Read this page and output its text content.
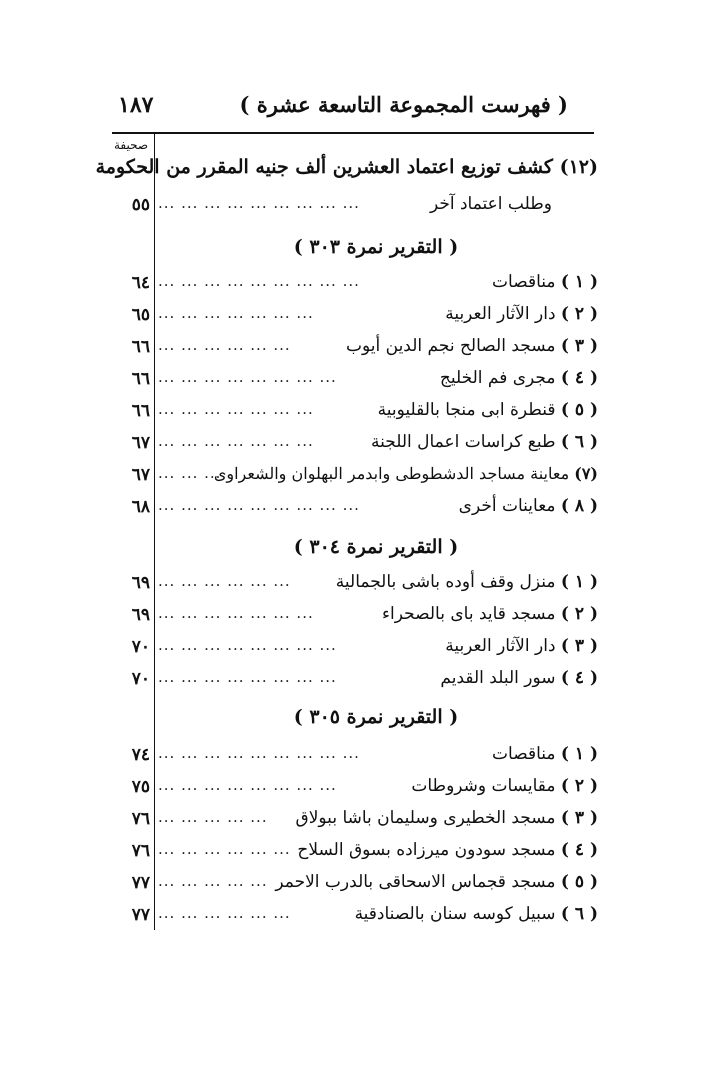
١٨٧	( فهرست المجموعة التاسعة عشرة )
صحيفة
(١٢) كشف توزيع اعتماد العشرين ألف جنيه المقرر من الحكومة
٥٥ ... ... ... ... ... ... ... ... ...	وطلب اعتماد آخر
( التقرير نمرة ٣٠٣ )
٦٤ ... ... ... ... ... ... ... ... ...	( ١ ) مناقصات
٦٥ ... ... ... ... ... ... ...	( ٢ ) دار الآثار العربية
٦٦ ... ... ... ... ... ...	( ٣ ) مسجد الصالح نجم الدين أيوب
٦٦ ... ... ... ... ... ... ... ...	( ٤ ) مجرى فم الخليج
٦٦ ... ... ... ... ... ... ...	( ٥ ) قنطرة ابى منجا بالقليوبية
٦٧ ... ... ... ... ... ... ...	( ٦ ) طبع كراسات اعمال اللجنة
٦٧ ... ... ...	(٧) معاينة مساجد الدشطوطى وابدمر البهلوان والشعراوى
٦٨ ... ... ... ... ... ... ... ... ...	( ٨ ) معاينات أخرى
( التقرير نمرة ٣٠٤ )
٦٩ ... ... ... ... ... ...	( ١ ) منزل وقف أوده باشى بالجمالية
٦٩ ... ... ... ... ... ... ...	( ٢ ) مسجد قايد باى بالصحراء
٧٠ ... ... ... ... ... ... ... ...	( ٣ ) دار الآثار العربية
٧٠ ... ... ... ... ... ... ... ...	( ٤ ) سور البلد القديم
( التقرير نمرة ٣٠٥ )
٧٤ ... ... ... ... ... ... ... ... ...	( ١ ) مناقصات
٧٥ ... ... ... ... ... ... ... ...	( ٢ ) مقايسات وشروطات
٧٦ ... ... ... ... ...	( ٣ ) مسجد الخطيرى وسليمان باشا ببولاق
٧٦ ... ... ... ... ... ...	( ٤ ) مسجد سودون ميرزاده بسوق السلاح
٧٧ ... ... ... ... ...	( ٥ ) مسجد قجماس الاسحاقى بالدرب الاحمر
٧٧ ... ... ... ... ... ...	( ٦ ) سبيل كوسه سنان بالصنادقية
